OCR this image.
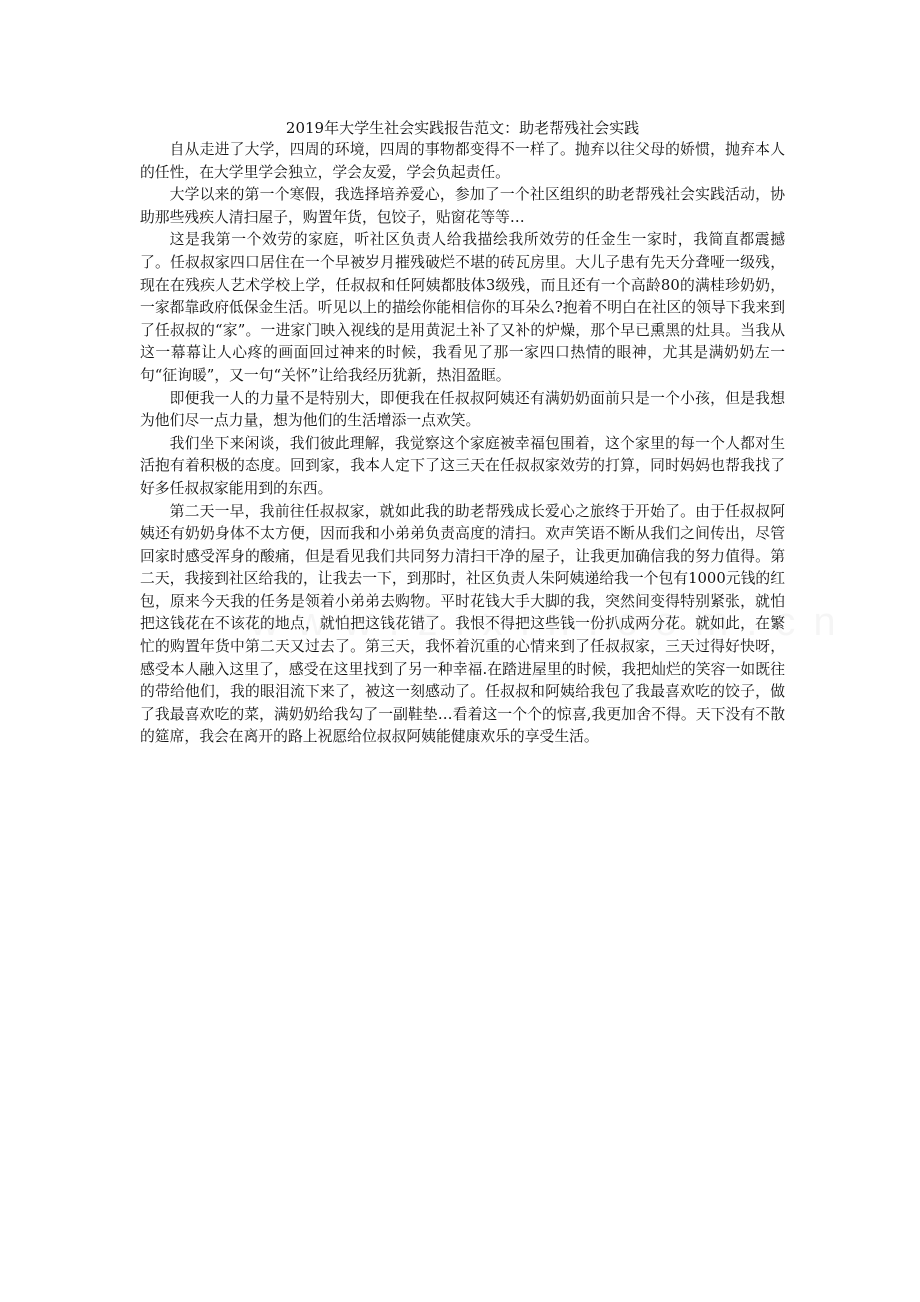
2019年大学生社会实践报告范文：助老帮残社会实践

自从走进了大学，四周的环境，四周的事物都变得不一样了。抛弃以往父母的娇惯，抛弃本人的任性，在大学里学会独立，学会友爱，学会负起责任。

大学以来的第一个寒假，我选择培养爱心，参加了一个社区组织的助老帮残社会实践活动，协助那些残疾人清扫屋子，购置年货，包饺子，贴窗花等等…

这是我第一个效劳的家庭，听社区负责人给我描绘我所效劳的任金生一家时，我简直都震撼了。任叔叔家四口居住在一个早被岁月摧残破烂不堪的砖瓦房里。大儿子患有先天分聋哑一级残，现在在残疾人艺术学校上学，任叔叔和任阿姨都肢体3级残，而且还有一个高龄80的满桂珍奶奶，一家都靠政府低保金生活。听见以上的描绘你能相信你的耳朵么?抱着不明白在社区的领导下我来到了任叔叔的“家”。一进家门映入视线的是用黄泥土补了又补的炉燥，那个早已熏黑的灶具。当我从这一幕幕让人心疼的画面回过神来的时候，我看见了那一家四口热情的眼神，尤其是满奶奶左一句“征询暖”，又一句“关怀”让给我经历犹新，热泪盈眶。

即便我一人的力量不是特别大，即便我在任叔叔阿姨还有满奶奶面前只是一个小孩，但是我想为他们尽一点力量，想为他们的生活增添一点欢笑。

我们坐下来闲谈，我们彼此理解，我觉察这个家庭被幸福包围着，这个家里的每一个人都对生活抱有着积极的态度。回到家，我本人定下了这三天在任叔叔家效劳的打算，同时妈妈也帮我找了好多任叔叔家能用到的东西。

第二天一早，我前往任叔叔家，就如此我的助老帮残成长爱心之旅终于开始了。由于任叔叔阿姨还有奶奶身体不太方便，因而我和小弟弟负责高度的清扫。欢声笑语不断从我们之间传出，尽管回家时感受浑身的酸痛，但是看见我们共同努力清扫干净的屋子，让我更加确信我的努力值得。第二天，我接到社区给我的，让我去一下，到那时，社区负责人朱阿姨递给我一个包有1000元钱的红包，原来今天我的任务是领着小弟弟去购物。平时花钱大手大脚的我，突然间变得特别紧张，就怕把这钱花在不该花的地点，就怕把这钱花错了。我恨不得把这些钱一份扒成两分花。就如此，在繁忙的购置年货中第二天又过去了。第三天，我怀着沉重的心情来到了任叔叔家，三天过得好快呀，感受本人融入这里了，感受在这里找到了另一种幸福.在踏进屋里的时候，我把灿烂的笑容一如既往的带给他们，我的眼泪流下来了，被这一刻感动了。任叔叔和阿姨给我包了我最喜欢吃的饺子，做了我最喜欢吃的菜，满奶奶给我勾了一副鞋垫…看着这一个个的惊喜,我更加舍不得。天下没有不散的筵席，我会在离开的路上祝愿给位叔叔阿姨能健康欢乐的享受生活。
